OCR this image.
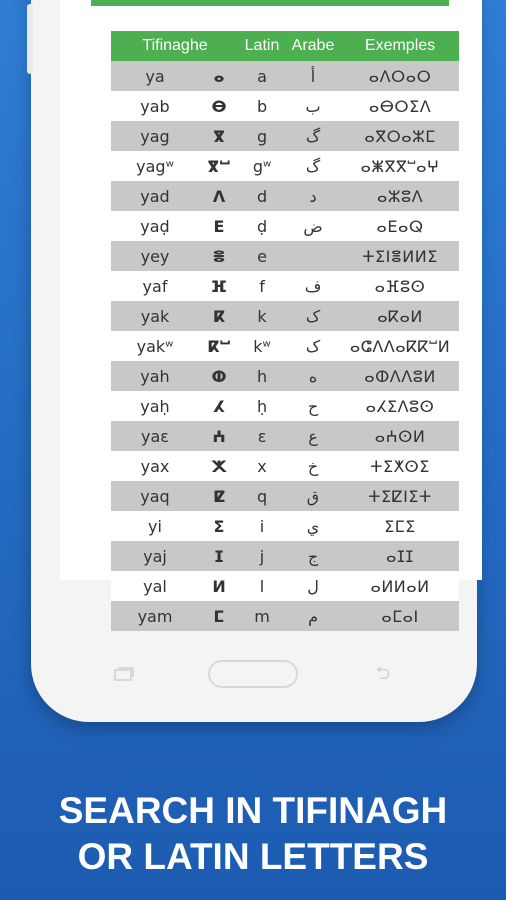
Tifinaghe		Latin	Arabe	Exemples
ya	ⴰ	a	أ	ⴰⴷⵔⴰⵔ
yab	ⴱ	b	ب	ⴰⴱⵔⵉⴷ
yag	ⴳ	g	گ	ⴰⴳⵔⴰⵣⵎ
yagʷ	ⴳⵯ	gʷ	گ	ⴰⵥⴳⴳⵯⴰⵖ
yad	ⴷ	d	د	ⴰⵣⵓⴷ
yaḍ	ⴹ	ḍ	ض	ⴰⴹⴰⵕ
yey	ⴻ	e		ⵜⵉⵏⴻⵍⵍⵉ
yaf	ⴼ	f	ف	ⴰⴼⵓⵙ
yak	ⴽ	k	ک	ⴰⴽⴰⵍ
yakʷ	ⴽⵯ	kʷ	ک	ⴰⵛⴷⴷⴰⴽⴽⵯⵍ
yah	ⵀ	h	ه	ⴰⵀⴷⴷⵓⵍ
yaḥ	ⵃ	ḥ	ح	ⴰⵃⵉⴷⵓⵙ
yaɛ	ⵄ	ɛ	ع	ⴰⵄⵙⵍ
yax	ⵅ	x	خ	ⵜⵉⵅⵙⵉ
yaq	ⵇ	q	ق	ⵜⵉⵇⵏⵉⵜ
yi	ⵉ	i	ي	ⵉⵎⵉ
yaj	ⵊ	j	ج	ⴰⵊⵊ
yal	ⵍ	l	ل	ⴰⵍⵍⴰⵍ
yam	ⵎ	m	م	ⴰⵎⴰⵏ
⮌
SEARCH IN TIFINAGH
OR LATIN LETTERS
